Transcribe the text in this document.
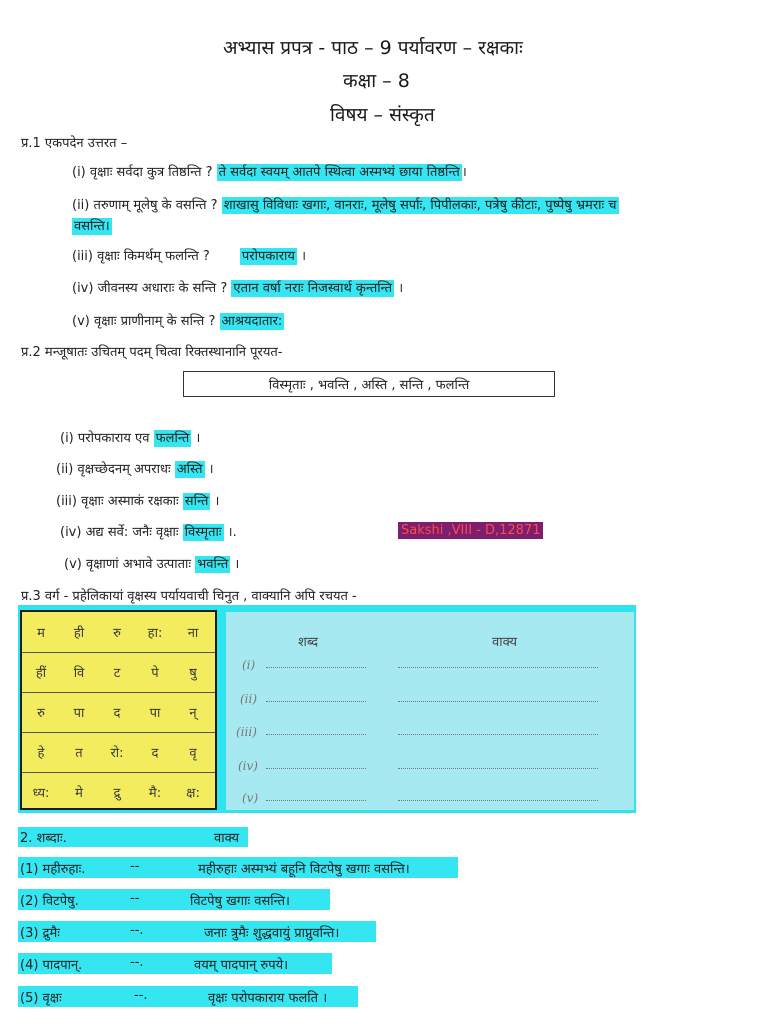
अभ्यास प्रपत्र - पाठ – 9 पर्यावरण – रक्षकाः
कक्षा – 8
विषय – संस्कृत
प्र.1 एकपदेन उत्तरत –
(i) वृक्षाः सर्वदा कुत्र तिष्ठन्ति ? ते सर्वदा स्वयम् आतपे स्थित्वा अस्मभ्यं छाया तिष्ठन्ति ।
(ii) तरुणाम् मूलेषु के वसन्ति ? शाखासु विविधाः खगाः, वानराः, मूलेषु सर्पाः, पिपीलकाः, पत्रेषु कीटाः, पुष्पेषु भ्रमराः च
वसन्ति।
(iii) वृक्षाः किमर्थम् फलन्ति ? परोपकाराय ।
(iv) जीवनस्य अधाराः के सन्ति ? एतान वर्षा नराः निजस्वार्थ कृन्तन्ति ।
(v) वृक्षाः प्राणीनाम् के सन्ति ? आश्रयदातार:
प्र.2 मन्जूषातः उचितम् पदम् चित्वा रिक्तस्थानानि पूरयत-
विस्मृताः , भवन्ति , अस्ति , सन्ति , फलन्ति
(i) परोपकाराय एव फलन्ति ।
(ii) वृक्षच्छेदनम् अपराधः अस्ति ।
(iii) वृक्षाः अस्माकं रक्षकाः सन्ति ।
(iv) अद्य सर्वे: जनैः वृक्षाः विस्मृताः ।.	Sakshi ,VIII - D,12871
(v) वृक्षाणां अभावे उत्पाताः भवन्ति ।
प्र.3 वर्ग - प्रहेलिकायां वृक्षस्य पर्यायवाची चिनुत , वाक्यानि अपि रचयत -
म	ही	रु	हा:	ना
हीं	वि	ट	पे	षु
रु	पा	द	पा	न्
हे	त	रो:	द	वृ
ध्य:	मे	द्रु	मै:	क्ष:
शब्द	वाक्य
(i)
(ii)
(iii)
(iv)
(v)
2. शब्दाः.	वाक्य
(1) महीरुहाः.	--	महीरुहाः अस्मभ्यं बहूनि विटपेषु खगाः वसन्ति।
(2) विटपेषु.	--	विटपेषु खगाः वसन्ति।
(3) द्रुमैः	--.	जनाः त्रुमैः शुद्धवायुं प्राप्नुवन्ति।
(4) पादपान्.	--.	वयम् पादपान् रुपये।
(5) वृक्षः	--.	वृक्षः परोपकाराय फलति ।
